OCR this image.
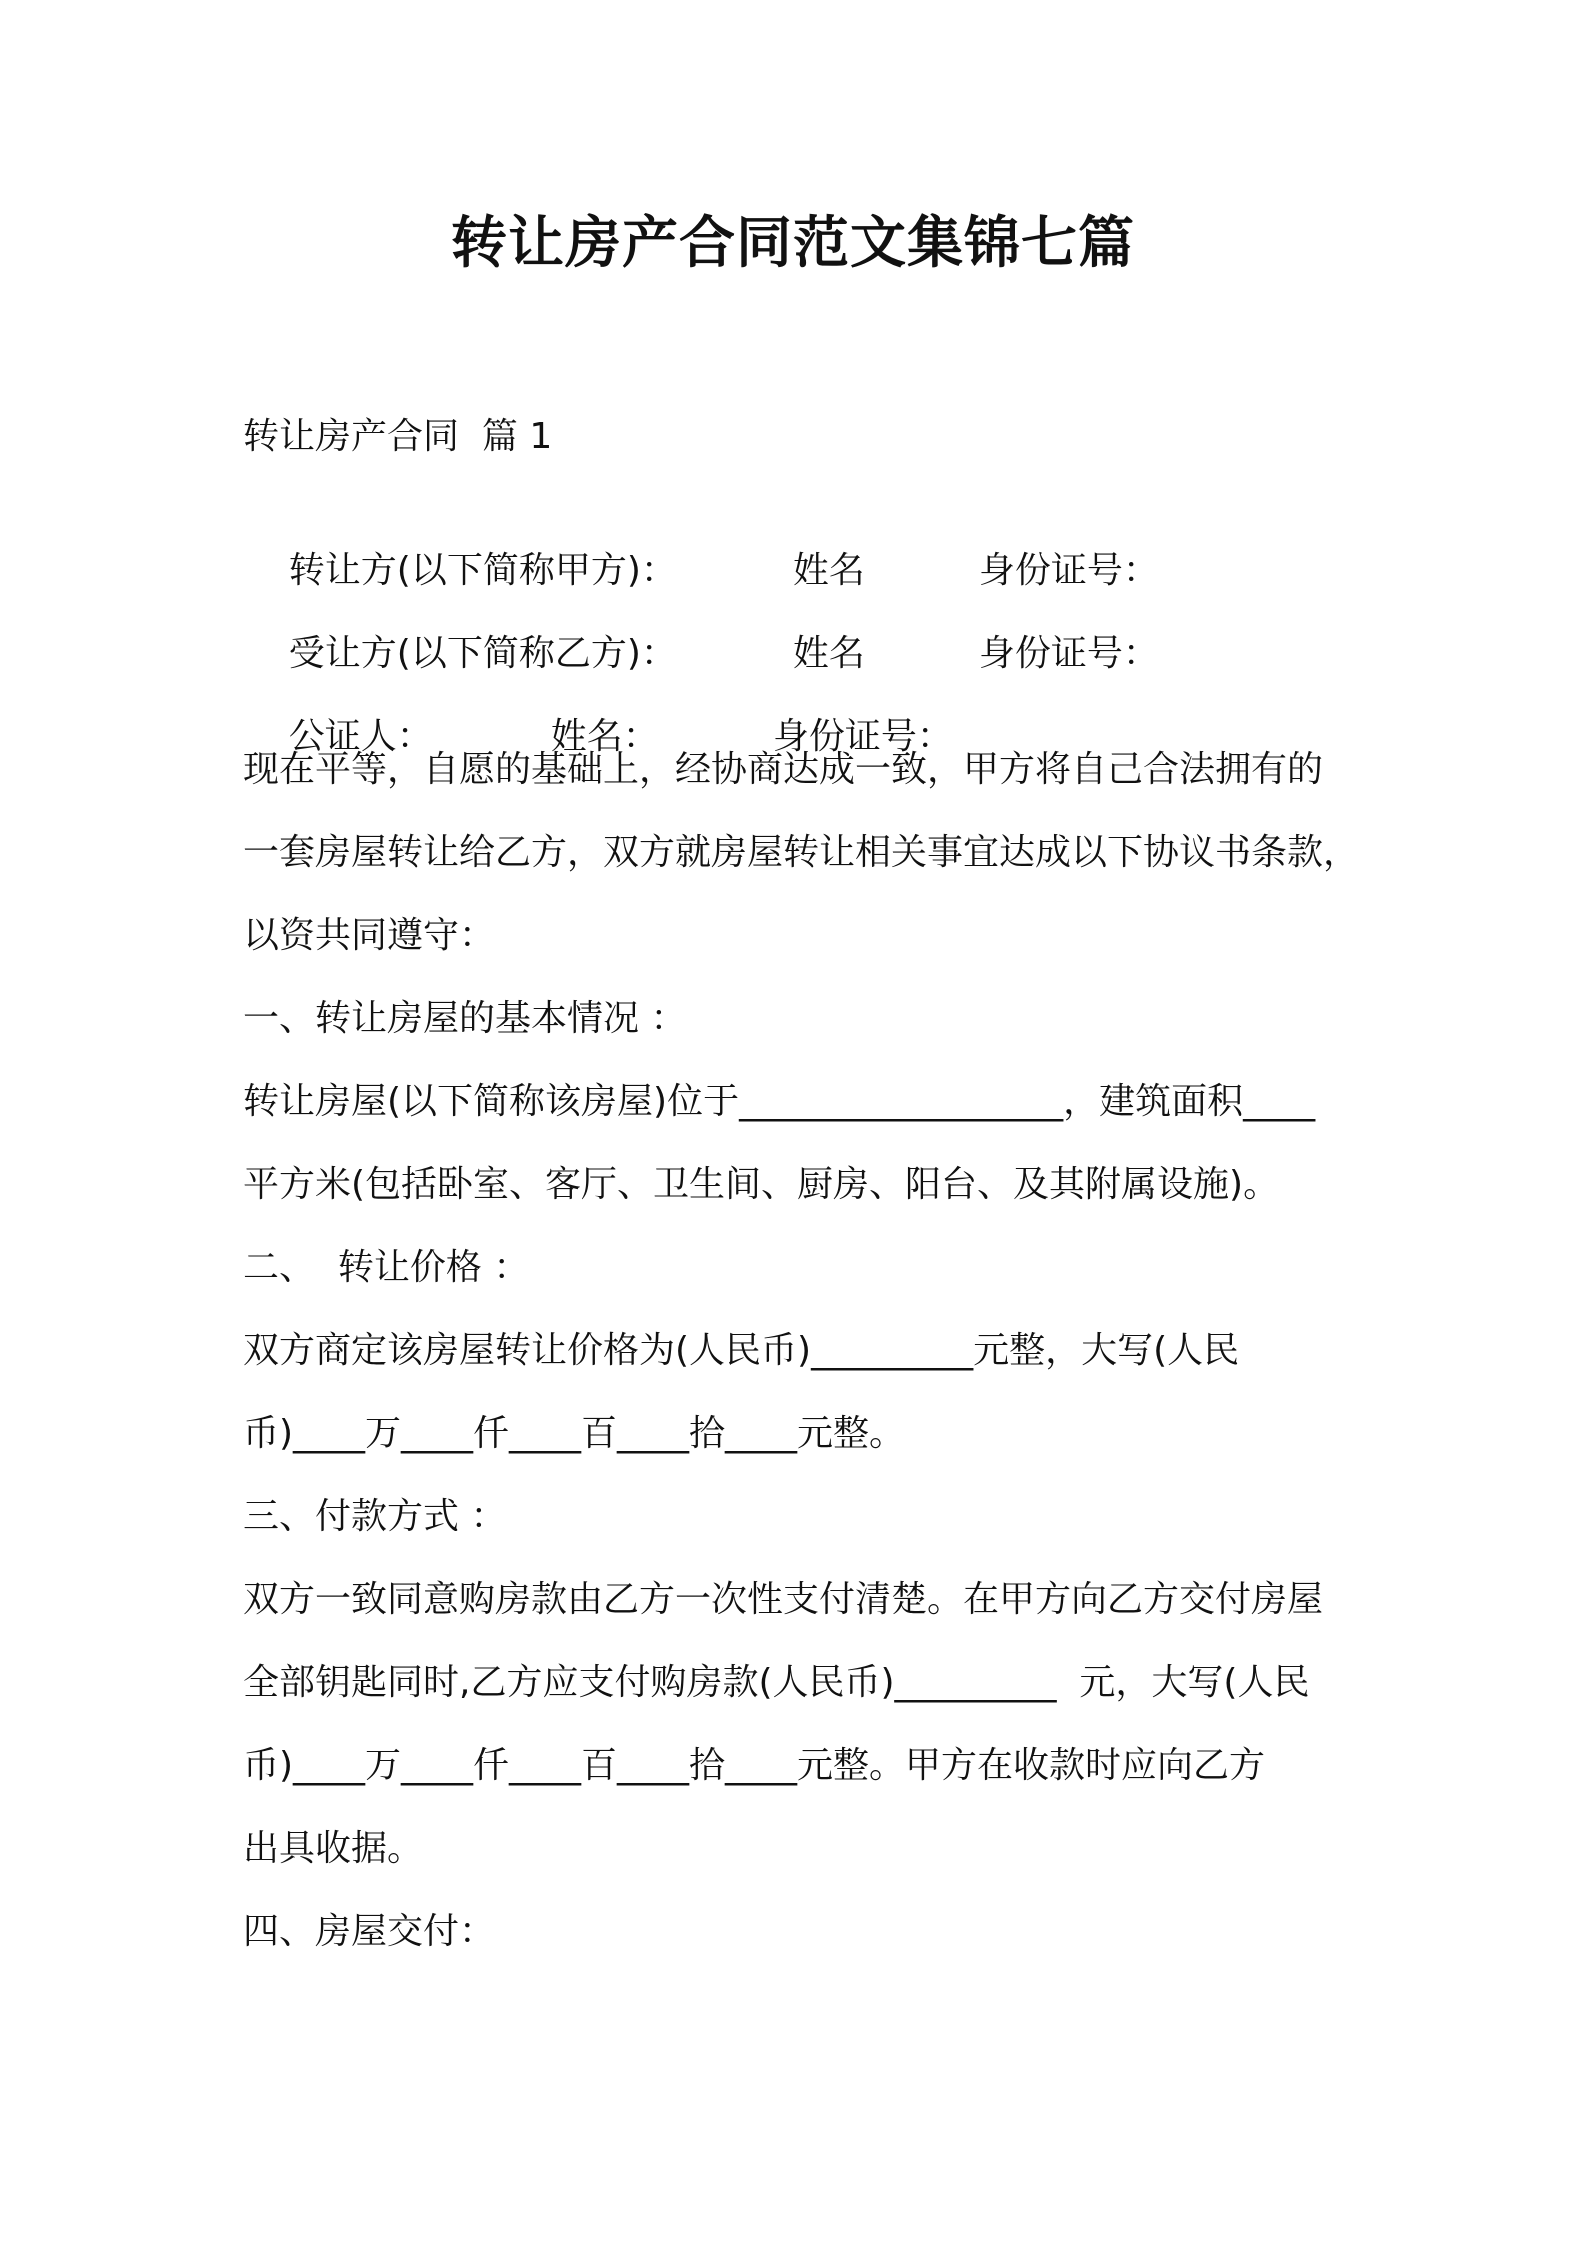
转让房产合同范文集锦七篇
转让房产合同  篇 1

转让方(以下简称甲方)：	姓名	身份证号：

受让方(以下简称乙方)：	姓名	身份证号：

公证人：	姓名：	身份证号：

现在平等，自愿的基础上，经协商达成一致，甲方将自己合法拥有的
一套房屋转让给乙方，双方就房屋转让相关事宜达成以下协议书条款，
以资共同遵守：
一、转让房屋的基本情况 ：
转让房屋(以下简称该房屋)位于__________________，建筑面积____
平方米(包括卧室、客厅、卫生间、厨房、阳台、及其附属设施)。
二、  转让价格 ：
双方商定该房屋转让价格为(人民币)_________元整，大写(人民
币)____万____仟____百____拾____元整。
三、付款方式 ：
双方一致同意购房款由乙方一次性支付清楚。在甲方向乙方交付房屋
全部钥匙同时,乙方应支付购房款(人民币)_________  元，大写(人民
币)____万____仟____百____拾____元整。甲方在收款时应向乙方
出具收据。
四、房屋交付：
